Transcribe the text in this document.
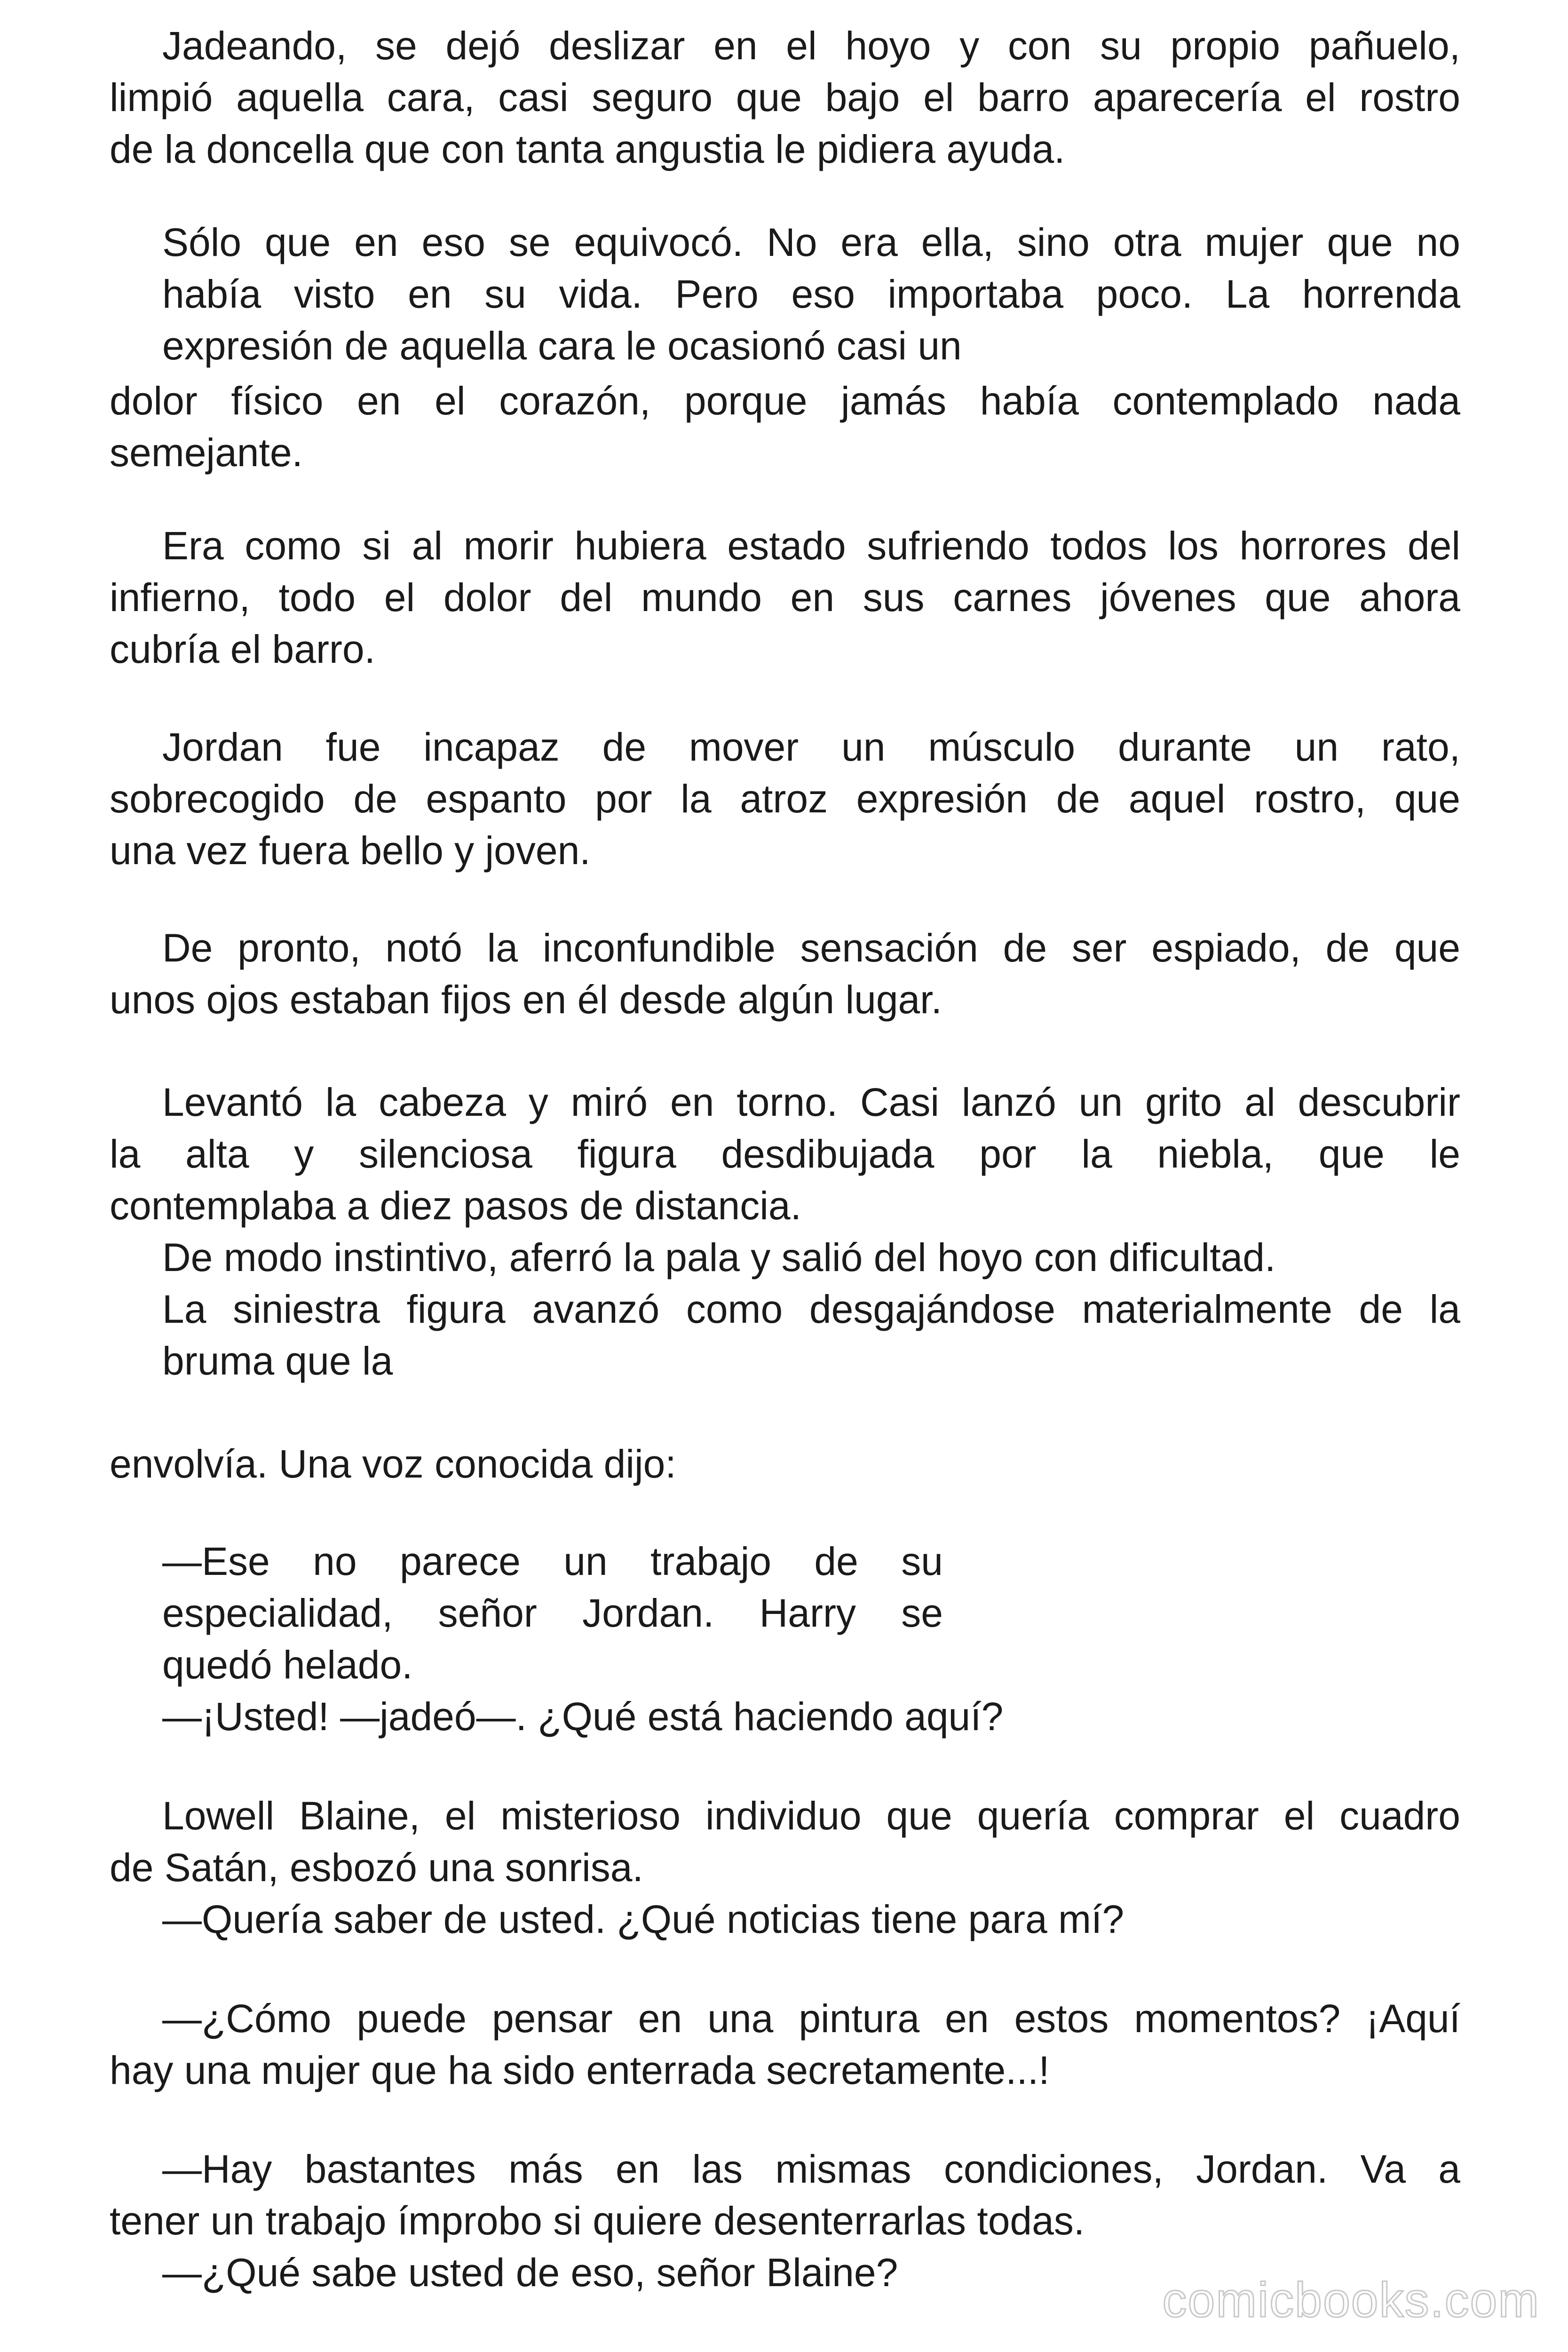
Jadeando, se dejó deslizar en el hoyo y con su propio pañuelo,
limpió aquella cara, casi seguro que bajo el barro aparecería el rostro
de la doncella que con tanta angustia le pidiera ayuda.
Sólo que en eso se equivocó. No era ella, sino otra mujer que no
había visto en su vida. Pero eso importaba poco. La horrenda
expresión de aquella cara le ocasionó casi un
dolor físico en el corazón, porque jamás había contemplado nada
semejante.
Era como si al morir hubiera estado sufriendo todos los horrores del
infierno, todo el dolor del mundo en sus carnes jóvenes que ahora
cubría el barro.
Jordan fue incapaz de mover un músculo durante un rato,
sobrecogido de espanto por la atroz expresión de aquel rostro, que
una vez fuera bello y joven.
De pronto, notó la inconfundible sensación de ser espiado, de que
unos ojos estaban fijos en él desde algún lugar.
Levantó la cabeza y miró en torno. Casi lanzó un grito al descubrir
la alta y silenciosa figura desdibujada por la niebla, que le
contemplaba a diez pasos de distancia.
De modo instintivo, aferró la pala y salió del hoyo con dificultad.
La siniestra figura avanzó como desgajándose materialmente de la
bruma que la
envolvía. Una voz conocida dijo:
—Ese no parece un trabajo de su
especialidad, señor Jordan. Harry se
quedó helado.
—¡Usted! —jadeó—. ¿Qué está haciendo aquí?
Lowell Blaine, el misterioso individuo que quería comprar el cuadro
de Satán, esbozó una sonrisa.
—Quería saber de usted. ¿Qué noticias tiene para mí?
—¿Cómo puede pensar en una pintura en estos momentos? ¡Aquí
hay una mujer que ha sido enterrada secretamente...!
—Hay bastantes más en las mismas condiciones, Jordan. Va a
tener un trabajo ímprobo si quiere desenterrarlas todas.
—¿Qué sabe usted de eso, señor Blaine?
comicbooks.com
